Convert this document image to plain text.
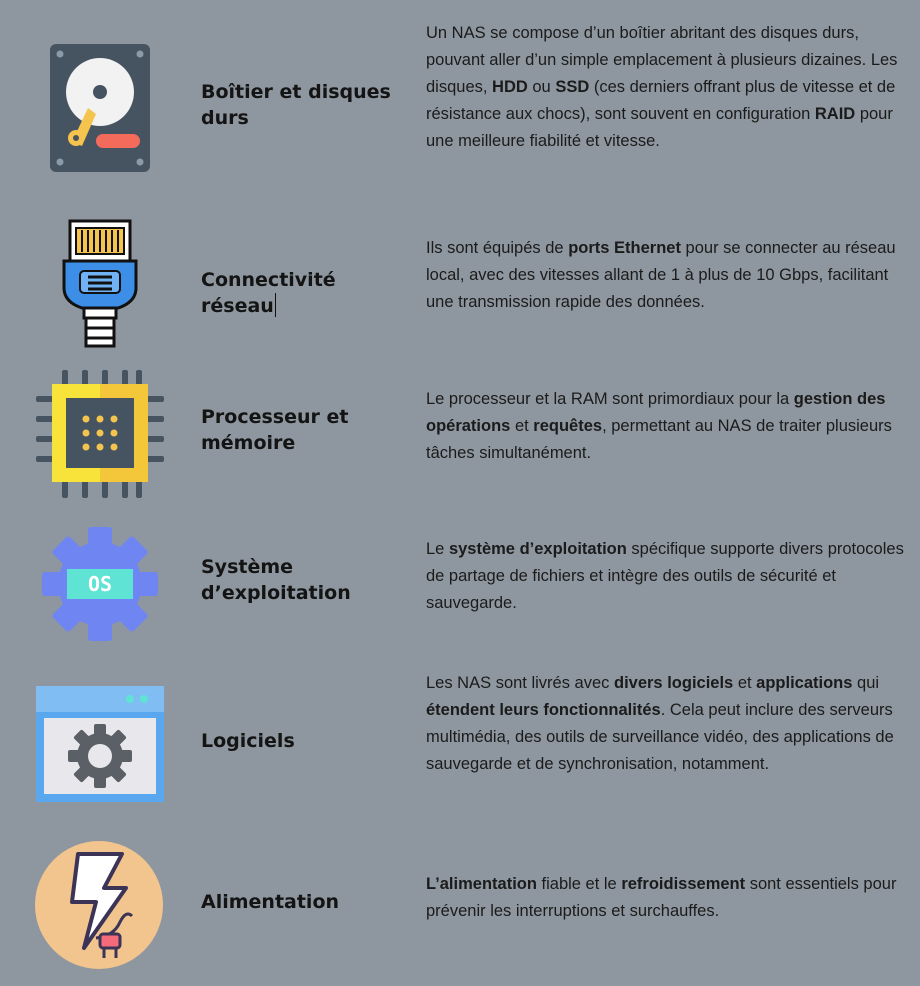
Boîtier et disques durs

Un NAS se compose d’un boîtier abritant des disques durs, pouvant aller d’un simple emplacement à plusieurs dizaines. Les disques, HDD ou SSD (ces derniers offrant plus de vitesse et de résistance aux chocs), sont souvent en configuration RAID pour une meilleure fiabilité et vitesse.

Connectivité réseau

Ils sont équipés de ports Ethernet pour se connecter au réseau local, avec des vitesses allant de 1 à plus de 10 Gbps, facilitant une transmission rapide des données.

Processeur et mémoire

Le processeur et la RAM sont primordiaux pour la gestion des opérations et requêtes, permettant au NAS de traiter plusieurs tâches simultanément.

OS

Système d’exploitation

Le système d’exploitation spécifique supporte divers protocoles de partage de fichiers et intègre des outils de sécurité et sauvegarde.

Logiciels

Les NAS sont livrés avec divers logiciels et applications qui étendent leurs fonctionnalités. Cela peut inclure des serveurs multimédia, des outils de surveillance vidéo, des applications de sauvegarde et de synchronisation, notamment.

Alimentation

L’alimentation fiable et le refroidissement sont essentiels pour prévenir les interruptions et surchauffes.
